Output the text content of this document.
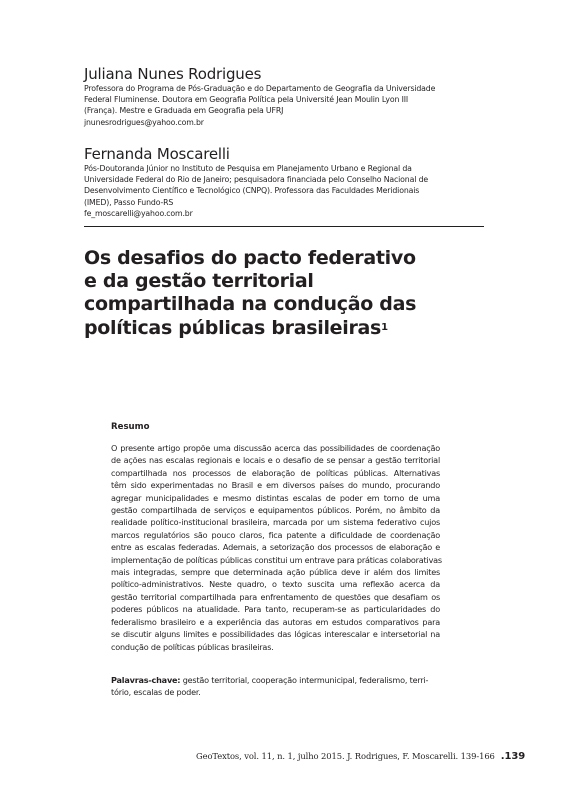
Juliana Nunes Rodrigues
Professora do Programa de Pós-Graduação e do Departamento de Geografia da Universidade
Federal Fluminense. Doutora em Geografia Política pela Université Jean Moulin Lyon III
(França). Mestre e Graduada em Geografia pela UFRJ
jnunesrodrigues@yahoo.com.br
Fernanda Moscarelli
Pós-Doutoranda Júnior no Instituto de Pesquisa em Planejamento Urbano e Regional da
Universidade Federal do Rio de Janeiro; pesquisadora financiada pelo Conselho Nacional de
Desenvolvimento Científico e Tecnológico (CNPQ). Professora das Faculdades Meridionais
(IMED), Passo Fundo-RS
fe_moscarelli@yahoo.com.br
Os desafios do pacto federativo
e da gestão territorial
compartilhada na condução das
políticas públicas brasileiras$^1$
Resumo
O presente artigo propõe uma discussão acerca das possibilidades de coordenação
de ações nas escalas regionais e locais e o desafio de se pensar a gestão territorial
compartilhada nos processos de elaboração de políticas públicas. Alternativas
têm sido experimentadas no Brasil e em diversos países do mundo, procurando
agregar municipalidades e mesmo distintas escalas de poder em torno de uma
gestão compartilhada de serviços e equipamentos públicos. Porém, no âmbito da
realidade político-institucional brasileira, marcada por um sistema federativo cujos
marcos regulatórios são pouco claros, fica patente a dificuldade de coordenação
entre as escalas federadas. Ademais, a setorização dos processos de elaboração e
implementação de políticas públicas constitui um entrave para práticas colaborativas
mais integradas, sempre que determinada ação pública deve ir além dos limites
político-administrativos. Neste quadro, o texto suscita uma reflexão acerca da
gestão territorial compartilhada para enfrentamento de questões que desafiam os
poderes públicos na atualidade. Para tanto, recuperam-se as particularidades do
federalismo brasileiro e a experiência das autoras em estudos comparativos para
se discutir alguns limites e possibilidades das lógicas interescalar e intersetorial na
condução de políticas públicas brasileiras.
Palavras-chave: gestão territorial, cooperação intermunicipal, federalismo, terri-
tório, escalas de poder.
GeoTextos, vol. 11, n. 1, julho 2015. J. Rodrigues, F. Moscarelli. 139-166 .139
